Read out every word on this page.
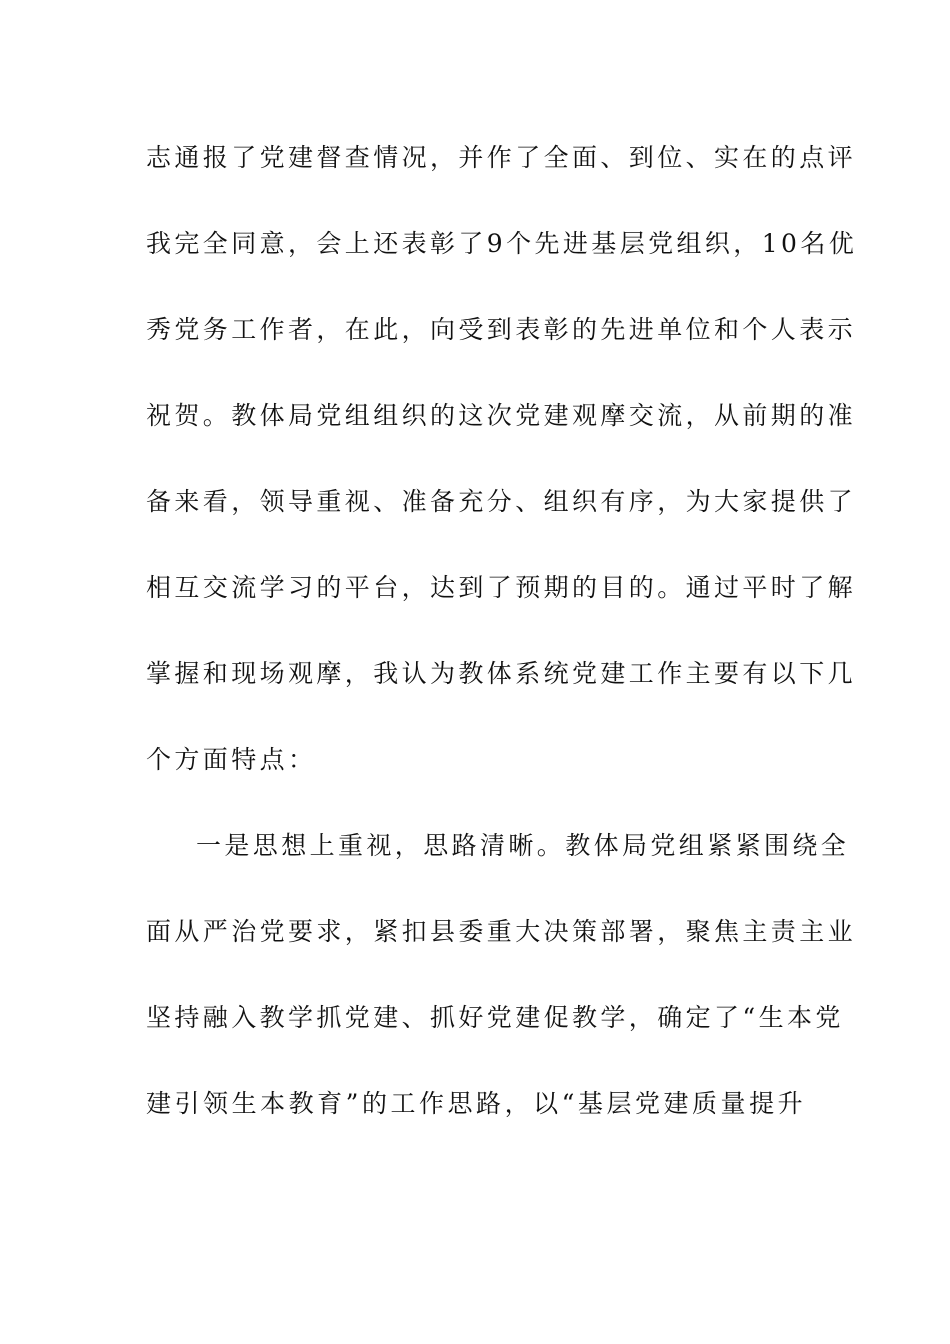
志通报了党建督查情况，并作了全面、到位、实在的点评
我完全同意，会上还表彰了9个先进基层党组织，10名优
秀党务工作者，在此，向受到表彰的先进单位和个人表示
祝贺。教体局党组组织的这次党建观摩交流，从前期的准
备来看，领导重视、准备充分、组织有序，为大家提供了
相互交流学习的平台，达到了预期的目的。通过平时了解
掌握和现场观摩，我认为教体系统党建工作主要有以下几
个方面特点：
一是思想上重视，思路清晰。教体局党组紧紧围绕全
面从严治党要求，紧扣县委重大决策部署，聚焦主责主业
坚持融入教学抓党建、抓好党建促教学，确定了“生本党
建引领生本教育”的工作思路，以“基层党建质量提升
